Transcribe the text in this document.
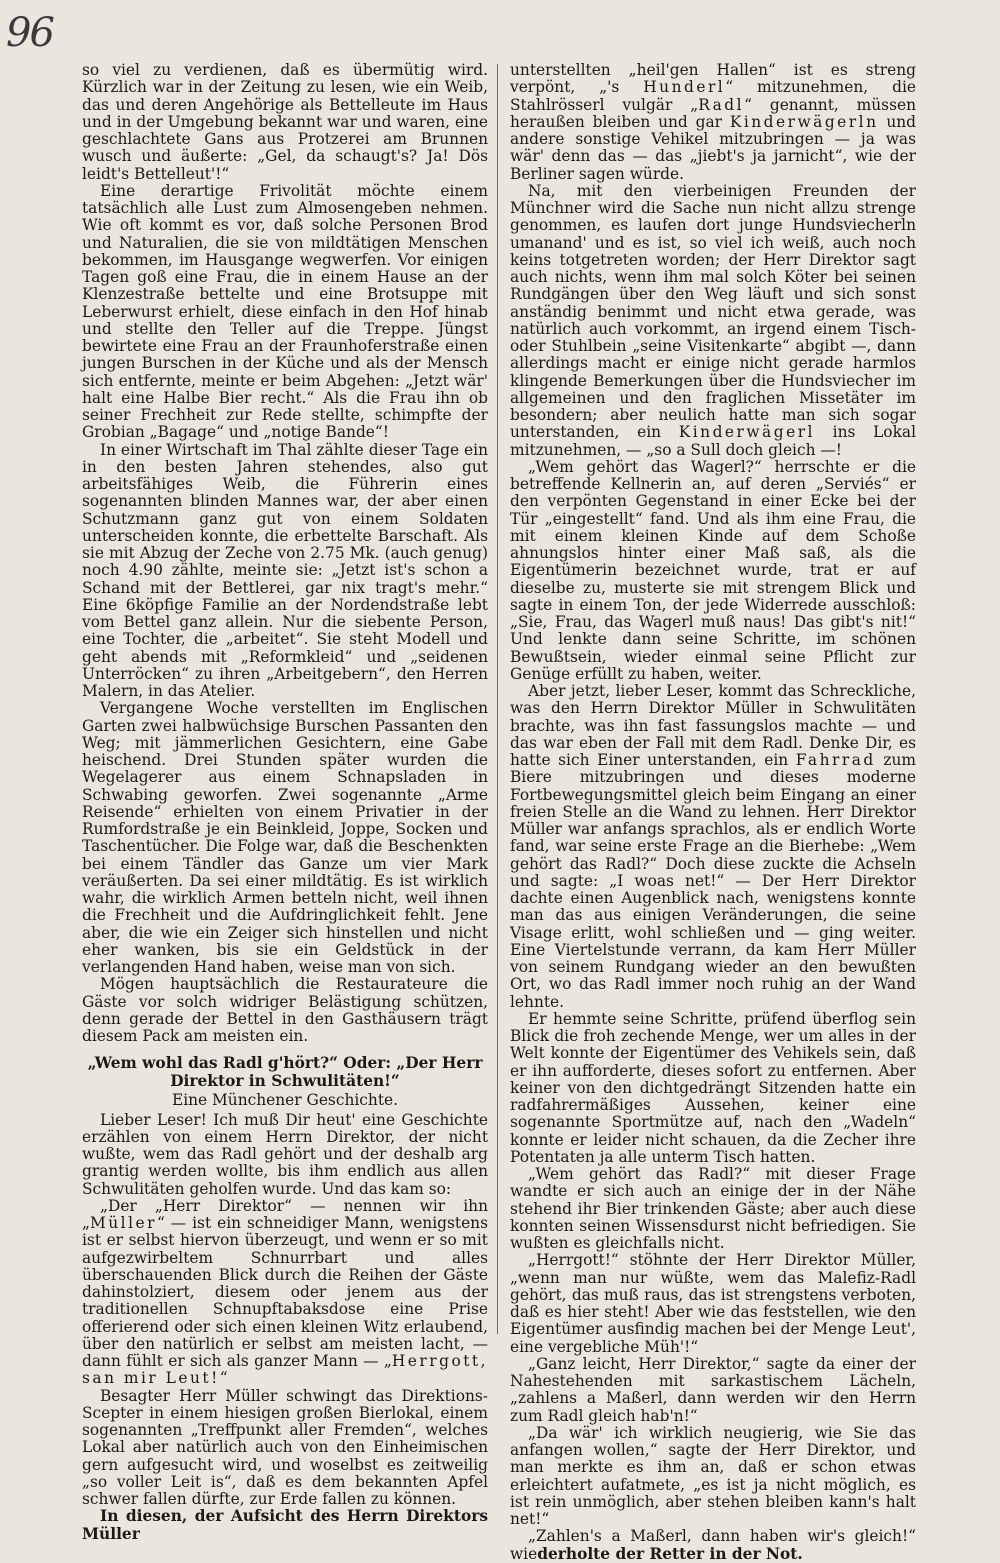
96

so viel zu verdienen, daß es übermütig wird. Kürzlich war in der Zeitung zu lesen, wie ein Weib, das und deren Angehörige als Bettelleute im Haus und in der Umgebung bekannt war und waren, eine geschlachtete Gans aus Protzerei am Brunnen wusch und äußerte: „Gel, da schaugt's? Ja! Dös leidt's Bettelleut'!“

Eine derartige Frivolität möchte einem tatsächlich alle Lust zum Almosengeben nehmen. Wie oft kommt es vor, daß solche Personen Brod und Naturalien, die sie von mildtätigen Menschen bekommen, im Hausgange wegwerfen. Vor einigen Tagen goß eine Frau, die in einem Hause an der Klenzestraße bettelte und eine Brotsuppe mit Leberwurst erhielt, diese einfach in den Hof hinab und stellte den Teller auf die Treppe. Jüngst bewirtete eine Frau an der Fraunhoferstraße einen jungen Burschen in der Küche und als der Mensch sich entfernte, meinte er beim Abgehen: „Jetzt wär' halt eine Halbe Bier recht.“ Als die Frau ihn ob seiner Frechheit zur Rede stellte, schimpfte der Grobian „Bagage“ und „notige Bande“!

In einer Wirtschaft im Thal zählte dieser Tage ein in den besten Jahren stehendes, also gut arbeitsfähiges Weib, die Führerin eines sogenannten blinden Mannes war, der aber einen Schutzmann ganz gut von einem Soldaten unterscheiden konnte, die erbettelte Barschaft. Als sie mit Abzug der Zeche von 2.75 Mk. (auch genug) noch 4.90 zählte, meinte sie: „Jetzt ist's schon a Schand mit der Bettlerei, gar nix tragt's mehr.“ Eine 6köpfige Familie an der Nordendstraße lebt vom Bettel ganz allein. Nur die siebente Person, eine Tochter, die „arbeitet“. Sie steht Modell und geht abends mit „Reformkleid“ und „seidenen Unterröcken“ zu ihren „Arbeitgebern“, den Herren Malern, in das Atelier.

Vergangene Woche verstellten im Englischen Garten zwei halbwüchsige Burschen Passanten den Weg; mit jämmerlichen Gesichtern, eine Gabe heischend. Drei Stunden später wurden die Wegelagerer aus einem Schnapsladen in Schwabing geworfen. Zwei sogenannte „Arme Reisende“ erhielten von einem Privatier in der Rumfordstraße je ein Beinkleid, Joppe, Socken und Taschentücher. Die Folge war, daß die Beschenkten bei einem Tändler das Ganze um vier Mark veräußerten. Da sei einer mildtätig. Es ist wirklich wahr, die wirklich Armen betteln nicht, weil ihnen die Frechheit und die Aufdringlichkeit fehlt. Jene aber, die wie ein Zeiger sich hinstellen und nicht eher wanken, bis sie ein Geldstück in der verlangenden Hand haben, weise man von sich.

Mögen hauptsächlich die Restaurateure die Gäste vor solch widriger Belästigung schützen, denn gerade der Bettel in den Gasthäusern trägt diesem Pack am meisten ein.

„Wem wohl das Radl g'hört?“ Oder: „Der Herr Direktor in Schwulitäten!“
Eine Münchener Geschichte.

Lieber Leser! Ich muß Dir heut' eine Geschichte erzählen von einem Herrn Direktor, der nicht wußte, wem das Radl gehört und der deshalb arg grantig werden wollte, bis ihm endlich aus allen Schwulitäten geholfen wurde. Und das kam so:

„Der „Herr Direktor“ — nennen wir ihn „Müller“ — ist ein schneidiger Mann, wenigstens ist er selbst hiervon überzeugt, und wenn er so mit aufgezwirbeltem Schnurrbart und alles überschauenden Blick durch die Reihen der Gäste dahinstolziert, diesem oder jenem aus der traditionellen Schnupftabaksdose eine Prise offerierend oder sich einen kleinen Witz erlaubend, über den natürlich er selbst am meisten lacht, — dann fühlt er sich als ganzer Mann — „Herrgott, san mir Leut!“

Besagter Herr Müller schwingt das Direktions-Scepter in einem hiesigen großen Bierlokal, einem sogenannten „Treffpunkt aller Fremden“, welches Lokal aber natürlich auch von den Einheimischen gern aufgesucht wird, und woselbst es zeitweilig „so voller Leit is“, daß es dem bekannten Apfel schwer fallen dürfte, zur Erde fallen zu können.

In diesen, der Aufsicht des Herrn Direktors Müller

unterstellten „heil'gen Hallen“ ist es streng verpönt, „'s Hunderl“ mitzunehmen, die Stahlrösserl vulgär „Radl“ genannt, müssen heraußen bleiben und gar Kinderwägerln und andere sonstige Vehikel mitzubringen — ja was wär' denn das — das „jiebt's ja jarnicht“, wie der Berliner sagen würde.

Na, mit den vierbeinigen Freunden der Münchner wird die Sache nun nicht allzu strenge genommen, es laufen dort junge Hundsviecherln umanand' und es ist, so viel ich weiß, auch noch keins totgetreten worden; der Herr Direktor sagt auch nichts, wenn ihm mal solch Köter bei seinen Rundgängen über den Weg läuft und sich sonst anständig benimmt und nicht etwa gerade, was natürlich auch vorkommt, an irgend einem Tisch- oder Stuhlbein „seine Visitenkarte“ abgibt —, dann allerdings macht er einige nicht gerade harmlos klingende Bemerkungen über die Hundsviecher im allgemeinen und den fraglichen Missetäter im besondern; aber neulich hatte man sich sogar unterstanden, ein Kinderwägerl ins Lokal mitzunehmen, — „so a Sull doch gleich —!

„Wem gehört das Wagerl?“ herrschte er die betreffende Kellnerin an, auf deren „Serviés“ er den verpönten Gegenstand in einer Ecke bei der Tür „eingestellt“ fand. Und als ihm eine Frau, die mit einem kleinen Kinde auf dem Schoße ahnungslos hinter einer Maß saß, als die Eigentümerin bezeichnet wurde, trat er auf dieselbe zu, musterte sie mit strengem Blick und sagte in einem Ton, der jede Widerrede ausschloß: „Sie, Frau, das Wagerl muß naus! Das gibt's nit!“ Und lenkte dann seine Schritte, im schönen Bewußtsein, wieder einmal seine Pflicht zur Genüge erfüllt zu haben, weiter.

Aber jetzt, lieber Leser, kommt das Schreckliche, was den Herrn Direktor Müller in Schwulitäten brachte, was ihn fast fassungslos machte — und das war eben der Fall mit dem Radl. Denke Dir, es hatte sich Einer unterstanden, ein Fahrrad zum Biere mitzubringen und dieses moderne Fortbewegungsmittel gleich beim Eingang an einer freien Stelle an die Wand zu lehnen. Herr Direktor Müller war anfangs sprachlos, als er endlich Worte fand, war seine erste Frage an die Bierhebe: „Wem gehört das Radl?“ Doch diese zuckte die Achseln und sagte: „I woas net!“ — Der Herr Direktor dachte einen Augenblick nach, wenigstens konnte man das aus einigen Veränderungen, die seine Visage erlitt, wohl schließen und — ging weiter. Eine Viertelstunde verrann, da kam Herr Müller von seinem Rundgang wieder an den bewußten Ort, wo das Radl immer noch ruhig an der Wand lehnte.

Er hemmte seine Schritte, prüfend überflog sein Blick die froh zechende Menge, wer um alles in der Welt konnte der Eigentümer des Vehikels sein, daß er ihn aufforderte, dieses sofort zu entfernen. Aber keiner von den dichtgedrängt Sitzenden hatte ein radfahrermäßiges Aussehen, keiner eine sogenannte Sportmütze auf, nach den „Wadeln“ konnte er leider nicht schauen, da die Zecher ihre Potentaten ja alle unterm Tisch hatten.

„Wem gehört das Radl?“ mit dieser Frage wandte er sich auch an einige der in der Nähe stehend ihr Bier trinkenden Gäste; aber auch diese konnten seinen Wissensdurst nicht befriedigen. Sie wußten es gleichfalls nicht.

„Herrgott!“ stöhnte der Herr Direktor Müller, „wenn man nur wüßte, wem das Malefiz-Radl gehört, das muß raus, das ist strengstens verboten, daß es hier steht! Aber wie das feststellen, wie den Eigentümer ausfindig machen bei der Menge Leut', eine vergebliche Müh'!“

„Ganz leicht, Herr Direktor,“ sagte da einer der Nahestehenden mit sarkastischem Lächeln, „zahlens a Maßerl, dann werden wir den Herrn zum Radl gleich hab'n!“

„Da wär' ich wirklich neugierig, wie Sie das anfangen wollen,“ sagte der Herr Direktor, und man merkte es ihm an, daß er schon etwas erleichtert aufatmete, „es ist ja nicht möglich, es ist rein unmöglich, aber stehen bleiben kann's halt net!“

„Zahlen's a Maßerl, dann haben wir's gleich!“ wiederholte der Retter in der Not.
